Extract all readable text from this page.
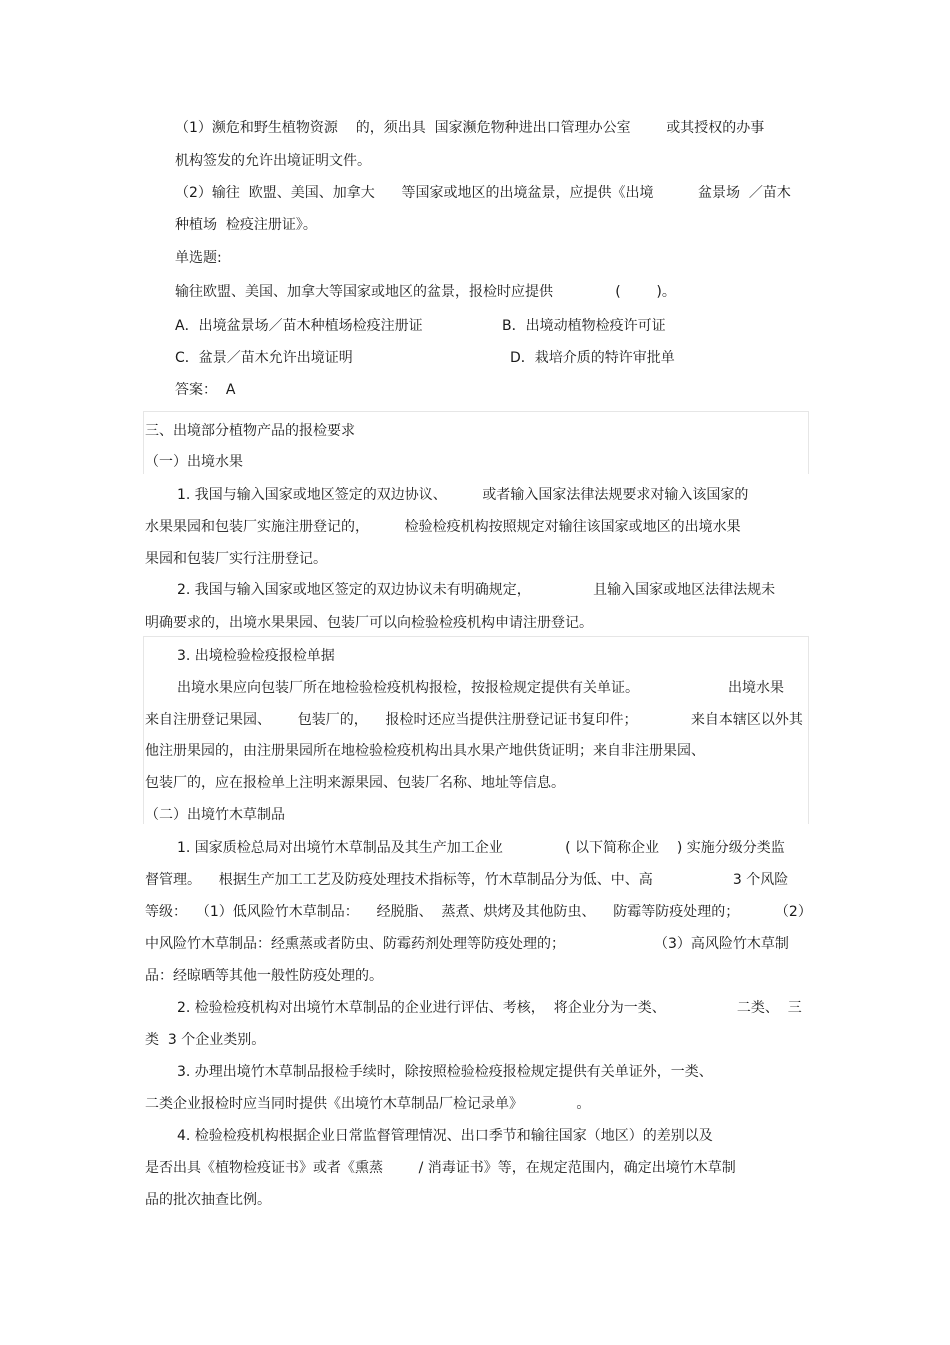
（1）濒危和野生植物资源    的，须出具  国家濒危物种进出口管理办公室        或其授权的办事
机构签发的允许出境证明文件。
（2）输往  欧盟、美国、加拿大      等国家或地区的出境盆景，应提供《出境          盆景场  ／苗木
种植场  检疫注册证》。
单选题:
输往欧盟、美国、加拿大等国家或地区的盆景，报检时应提供              (        )。
A．出境盆景场／苗木种植场检疫注册证	B．出境动植物检疫许可证
C．盆景／苗木允许出境证明	D．栽培介质的特许审批单
答案：  A
三、出境部分植物产品的报检要求
（一）出境水果
1. 我国与输入国家或地区签定的双边协议、        或者输入国家法律法规要求对输入该国家的
水果果园和包装厂实施注册登记的，        检验检疫机构按照规定对输往该国家或地区的出境水果
果园和包装厂实行注册登记。
2. 我国与输入国家或地区签定的双边协议未有明确规定，              且输入国家或地区法律法规未
明确要求的，出境水果果园、包装厂可以向检验检疫机构申请注册登记。
3. 出境检验检疫报检单据
出境水果应向包装厂所在地检验检疫机构报检，按报检规定提供有关单证。                    出境水果
来自注册登记果园、      包装厂的，    报检时还应当提供注册登记证书复印件；            来自本辖区以外其
他注册果园的，由注册果园所在地检验检疫机构出具水果产地供货证明；来自非注册果园、
包装厂的，应在报检单上注明来源果园、包装厂名称、地址等信息。
（二）出境竹木草制品
1. 国家质检总局对出境竹木草制品及其生产加工企业              ( 以下简称企业    ) 实施分级分类监
督管理。    根据生产加工工艺及防疫处理技术指标等，竹木草制品分为低、中、高                  3 个风险
等级：  （1）低风险竹木草制品：    经脱脂、  蒸煮、烘烤及其他防虫、    防霉等防疫处理的；        （2）
中风险竹木草制品：经熏蒸或者防虫、防霉药剂处理等防疫处理的；                    （3）高风险竹木草制
品：经晾晒等其他一般性防疫处理的。
2. 检验检疫机构对出境竹木草制品的企业进行评估、考核，  将企业分为一类、                二类、  三
类  3 个企业类别。
3. 办理出境竹木草制品报检手续时，除按照检验检疫报检规定提供有关单证外，一类、
二类企业报检时应当同时提供《出境竹木草制品厂检记录单》            。
4. 检验检疫机构根据企业日常监督管理情况、出口季节和输往国家（地区）的差别以及
是否出具《植物检疫证书》或者《熏蒸        / 消毒证书》等，在规定范围内，确定出境竹木草制
品的批次抽查比例。
